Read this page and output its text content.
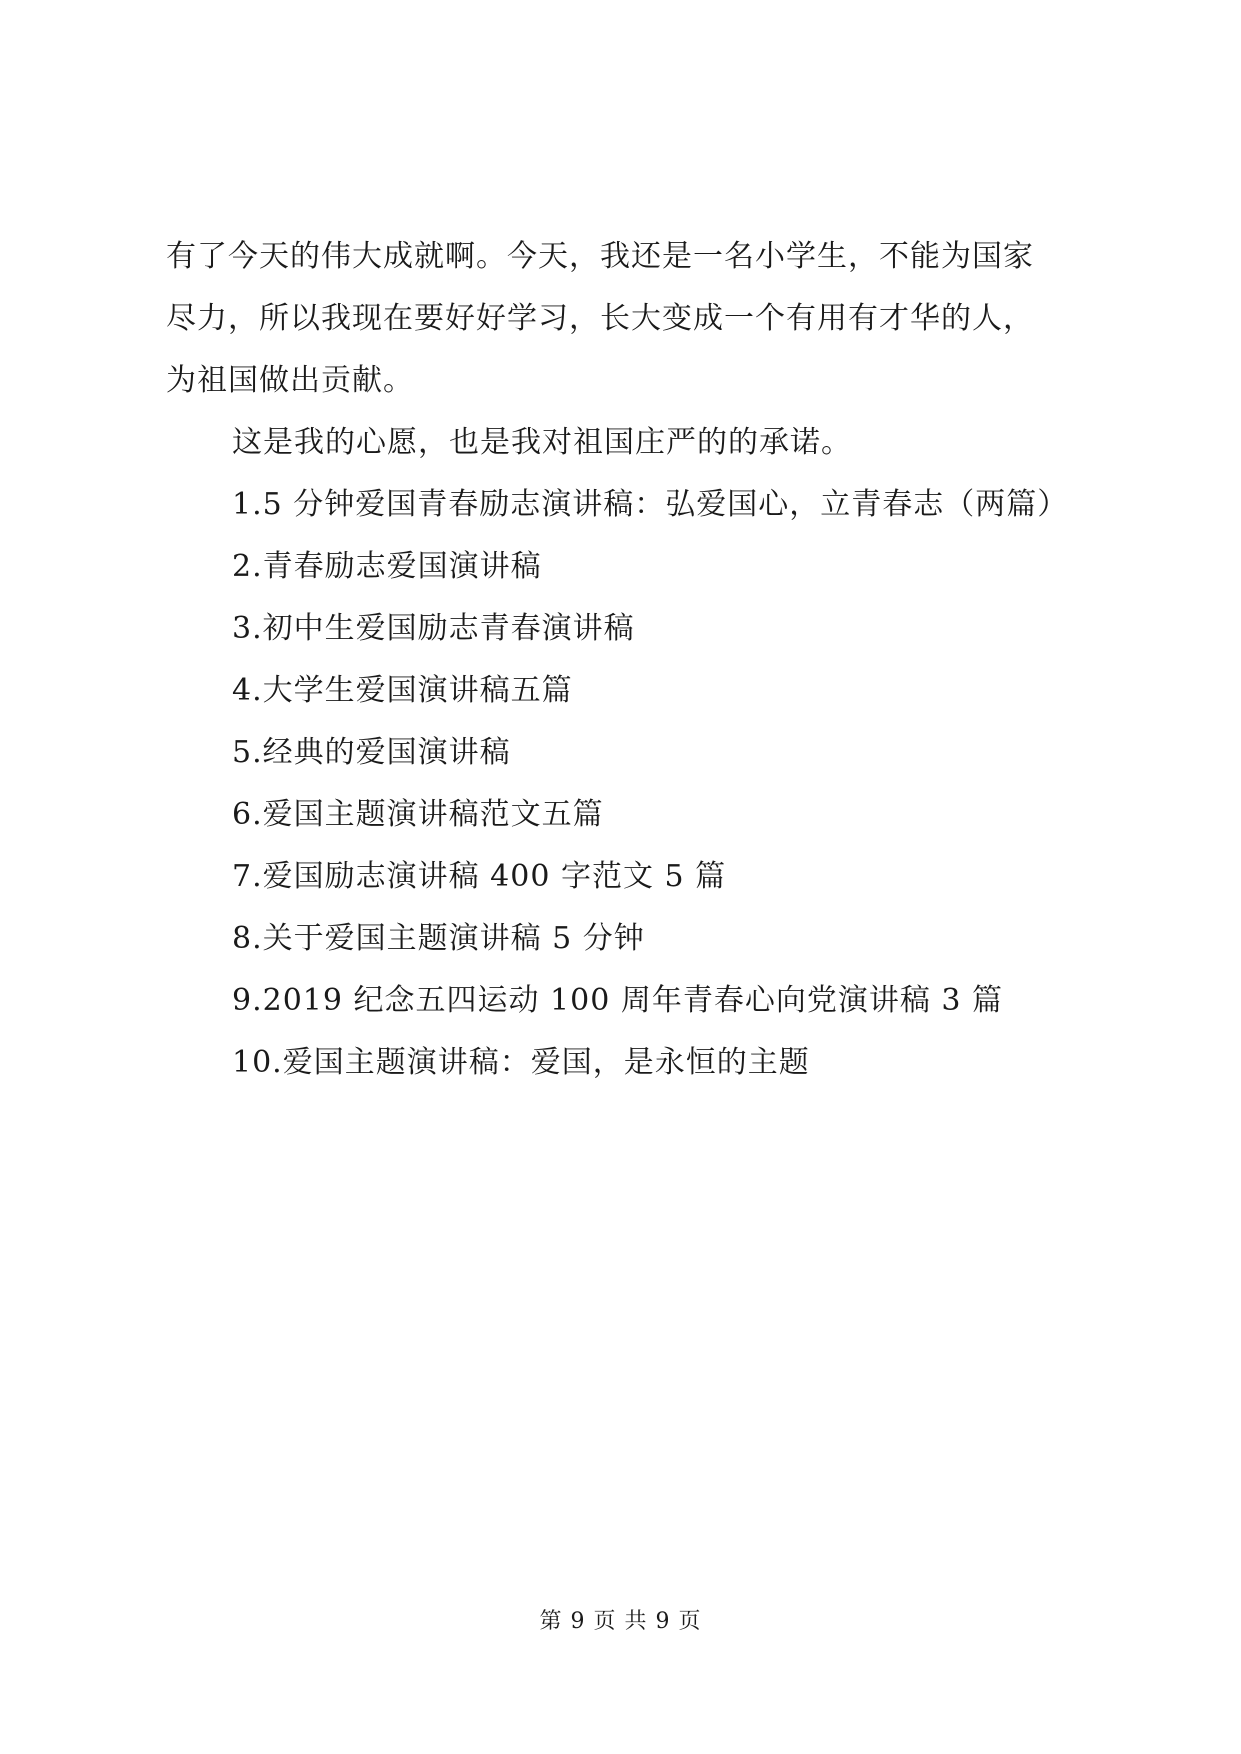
有了今天的伟大成就啊。今天，我还是一名小学生，不能为国家
尽力，所以我现在要好好学习，长大变成一个有用有才华的人，
为祖国做出贡献。
这是我的心愿，也是我对祖国庄严的的承诺。
1.5 分钟爱国青春励志演讲稿：弘爱国心，立青春志（两篇）
2.青春励志爱国演讲稿
3.初中生爱国励志青春演讲稿
4.大学生爱国演讲稿五篇
5.经典的爱国演讲稿
6.爱国主题演讲稿范文五篇
7.爱国励志演讲稿 400 字范文 5 篇
8.关于爱国主题演讲稿 5 分钟
9.2019 纪念五四运动 100 周年青春心向党演讲稿 3 篇
10.爱国主题演讲稿：爱国，是永恒的主题
第 9 页 共 9 页
